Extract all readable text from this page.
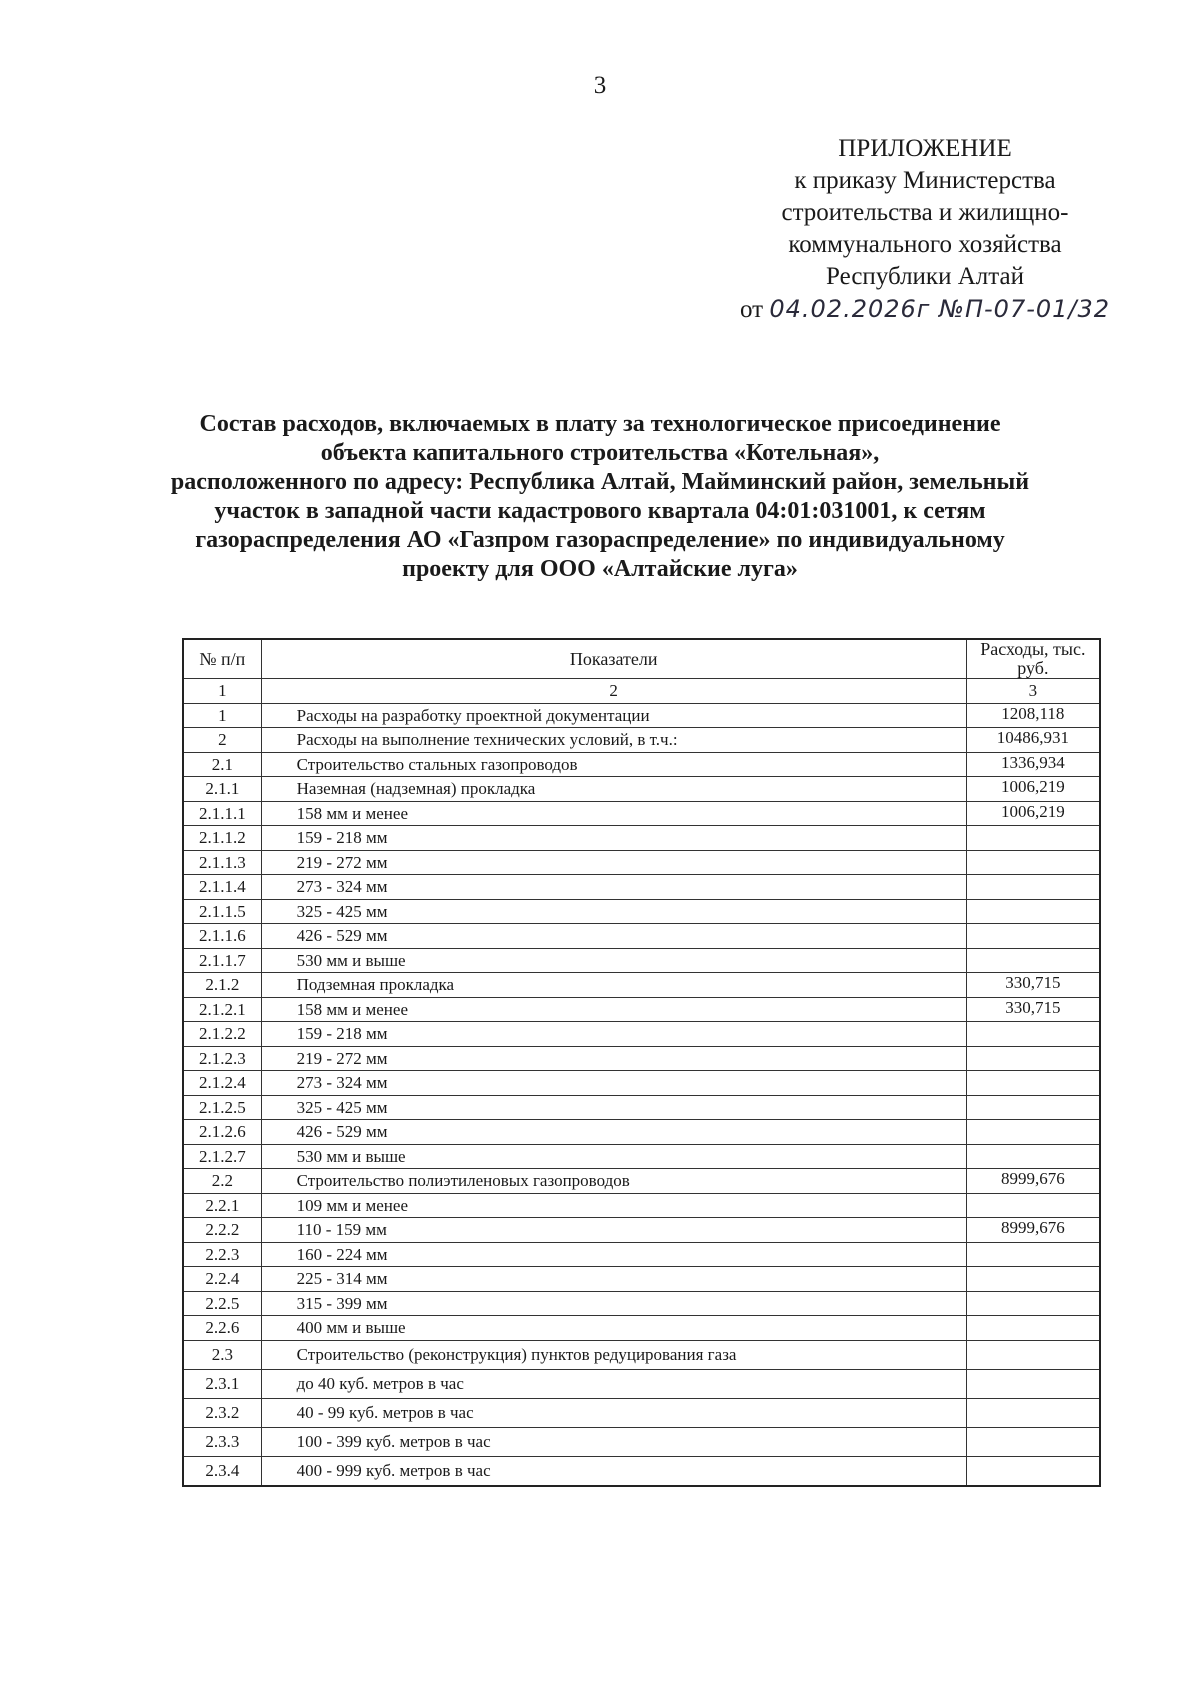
3
ПРИЛОЖЕНИЕ
к приказу Министерства
строительства и жилищно-
коммунального хозяйства
Республики Алтай
от 04.02.2026г №П-07-01/32
Состав расходов, включаемых в плату за технологическое присоединение
объекта капитального строительства «Котельная»,
расположенного по адресу: Республика Алтай, Майминский район, земельный
участок в западной части кадастрового квартала 04:01:031001, к сетям
газораспределения АО «Газпром газораспределение» по индивидуальному
проекту для ООО «Алтайские луга»
№ п/п	Показатели	Расходы, тыс. руб.
1	2	3
1	Расходы на разработку проектной документации	1208,118
2	Расходы на выполнение технических условий, в т.ч.:	10486,931
2.1	Строительство стальных газопроводов	1336,934
2.1.1	Наземная (надземная) прокладка	1006,219
2.1.1.1	158 мм и менее	1006,219
2.1.1.2	159 - 218 мм	
2.1.1.3	219 - 272 мм	
2.1.1.4	273 - 324 мм	
2.1.1.5	325 - 425 мм	
2.1.1.6	426 - 529 мм	
2.1.1.7	530 мм и выше	
2.1.2	Подземная прокладка	330,715
2.1.2.1	158 мм и менее	330,715
2.1.2.2	159 - 218 мм	
2.1.2.3	219 - 272 мм	
2.1.2.4	273 - 324 мм	
2.1.2.5	325 - 425 мм	
2.1.2.6	426 - 529 мм	
2.1.2.7	530 мм и выше	
2.2	Строительство полиэтиленовых газопроводов	8999,676
2.2.1	109 мм и менее	
2.2.2	110 - 159 мм	8999,676
2.2.3	160 - 224 мм	
2.2.4	225 - 314 мм	
2.2.5	315 - 399 мм	
2.2.6	400 мм и выше	
2.3	Строительство (реконструкция) пунктов редуцирования газа	
2.3.1	до 40 куб. метров в час	
2.3.2	40 - 99 куб. метров в час	
2.3.3	100 - 399 куб. метров в час	
2.3.4	400 - 999 куб. метров в час	
